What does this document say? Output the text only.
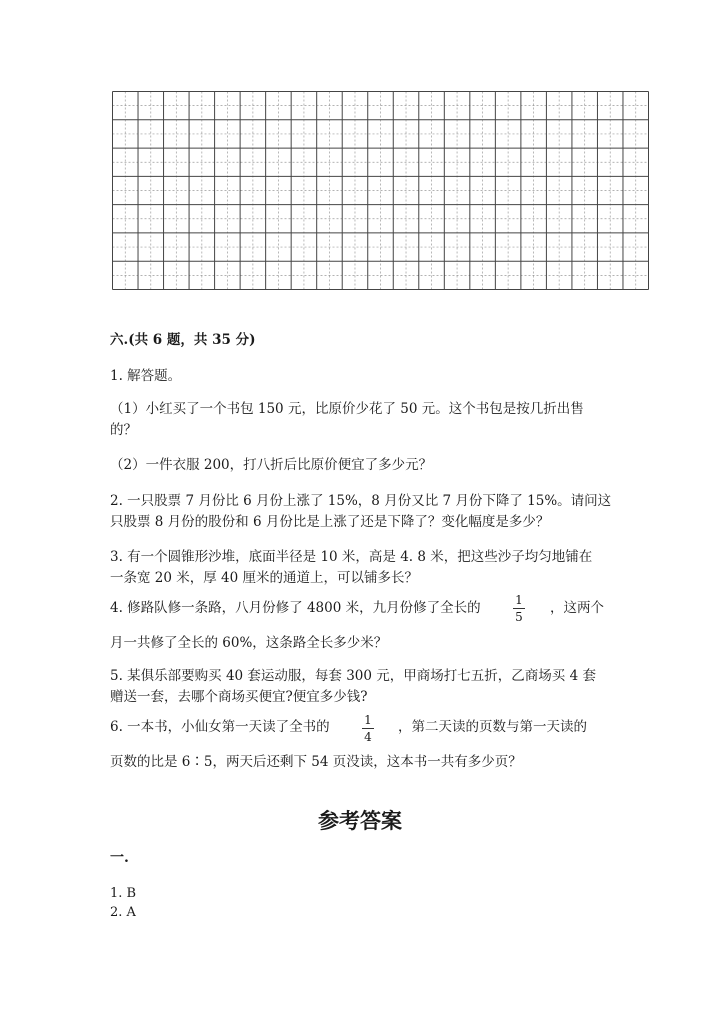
六.(共 6 题，共 35 分)
1. 解答题。
（1）小红买了一个书包 150 元，比原价少花了 50 元。这个书包是按几折出售
的？
（2）一件衣服 200，打八折后比原价便宜了多少元？
2. 一只股票 7 月份比 6 月份上涨了 15%，8 月份又比 7 月份下降了 15%。请问这
只股票 8 月份的股份和 6 月份比是上涨了还是下降了？变化幅度是多少？
3. 有一个圆锥形沙堆，底面半径是 10 米，高是 4. 8 米，把这些沙子均匀地铺在
一条宽 20 米，厚 40 厘米的通道上，可以铺多长？
4. 修路队修一条路，八月份修了 4800 米，九月份修了全长的	1
5
，这两个
月一共修了全长的 60%，这条路全长多少米？
5. 某俱乐部要购买 40 套运动服，每套 300 元，甲商场打七五折，乙商场买 4 套
赠送一套，去哪个商场买便宜?便宜多少钱?
6. 一本书，小仙女第一天读了全书的	1
4
，第二天读的页数与第一天读的
页数的比是 6∶5，两天后还剩下 54 页没读，这本书一共有多少页？
参考答案
一.
1. B
2. A
